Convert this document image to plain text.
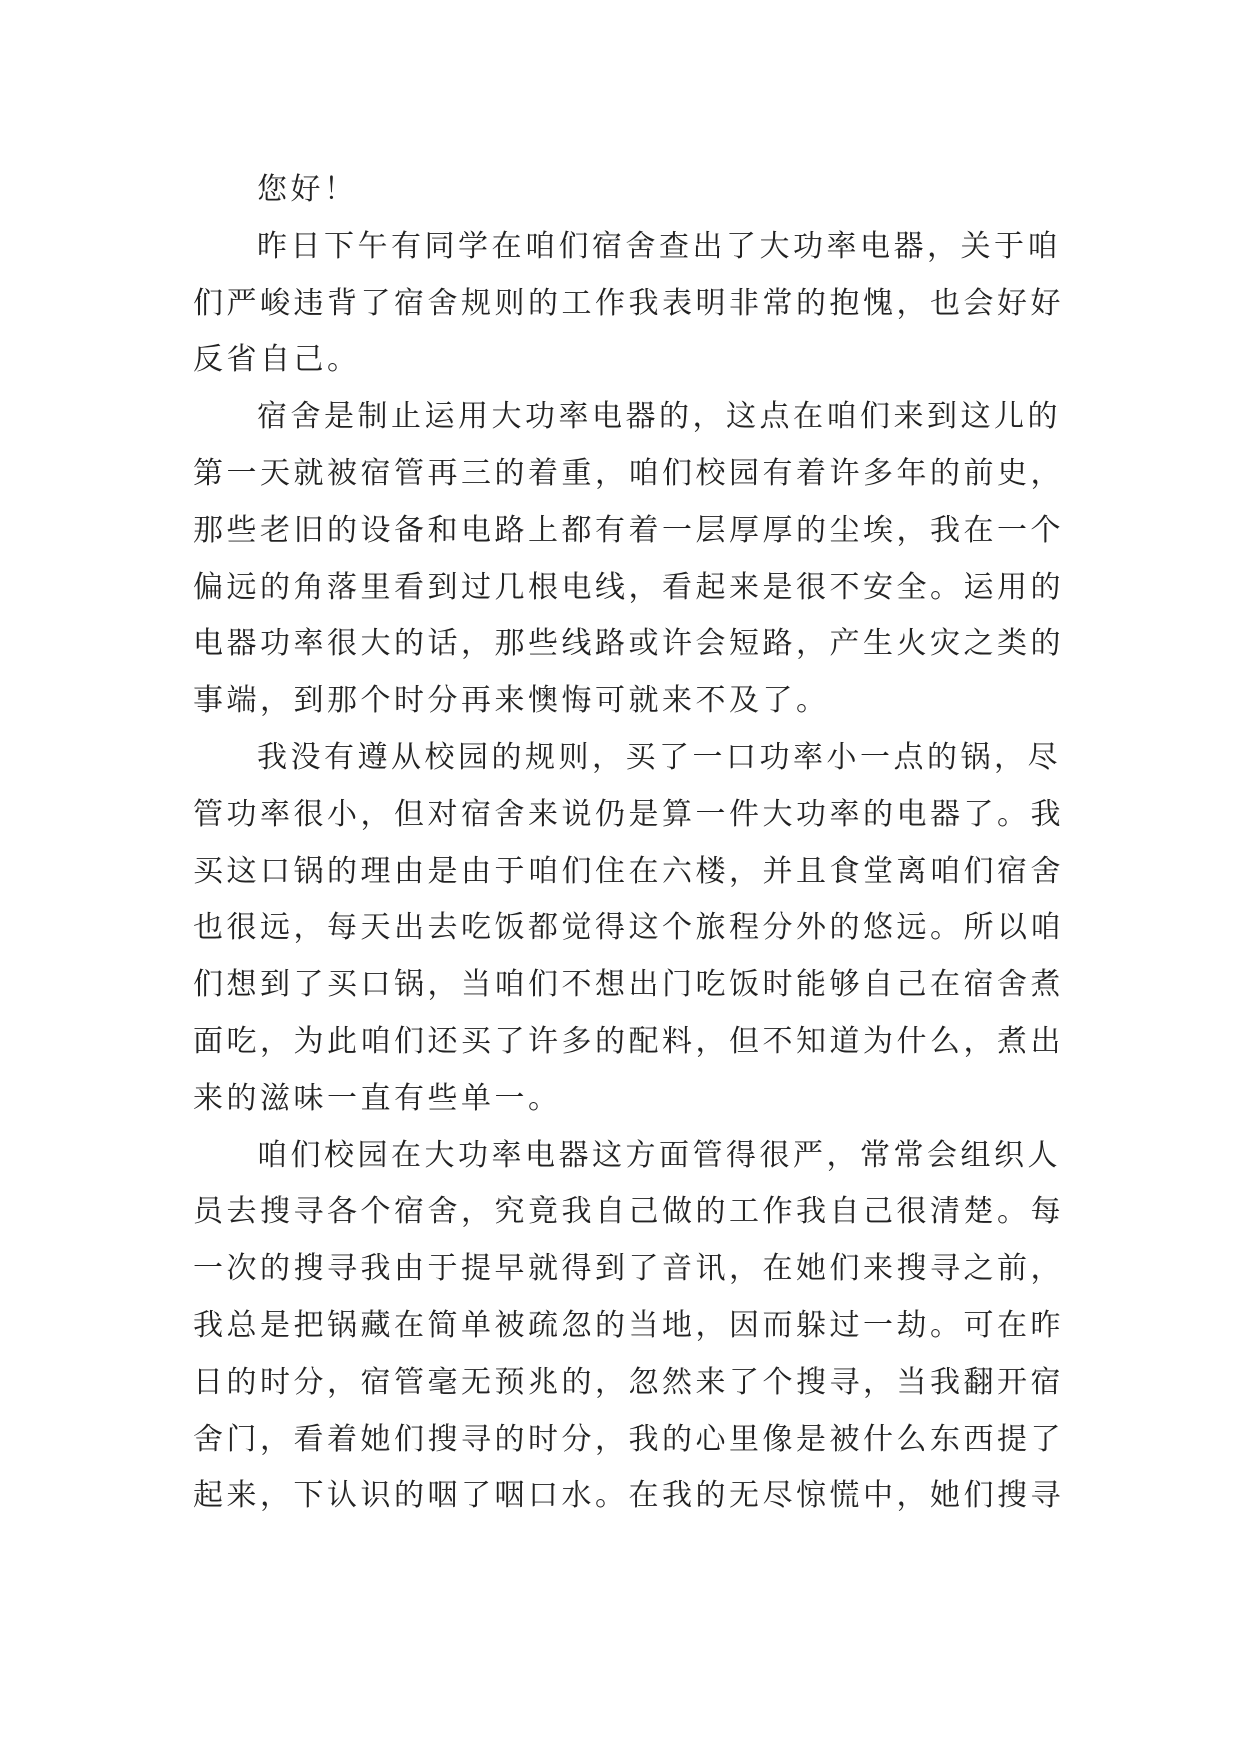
您好！
昨日下午有同学在咱们宿舍查出了大功率电器，关于咱
们严峻违背了宿舍规则的工作我表明非常的抱愧，也会好好
反省自己。
宿舍是制止运用大功率电器的，这点在咱们来到这儿的
第一天就被宿管再三的着重，咱们校园有着许多年的前史，
那些老旧的设备和电路上都有着一层厚厚的尘埃，我在一个
偏远的角落里看到过几根电线，看起来是很不安全。运用的
电器功率很大的话，那些线路或许会短路，产生火灾之类的
事端，到那个时分再来懊悔可就来不及了。
我没有遵从校园的规则，买了一口功率小一点的锅，尽
管功率很小，但对宿舍来说仍是算一件大功率的电器了。我
买这口锅的理由是由于咱们住在六楼，并且食堂离咱们宿舍
也很远，每天出去吃饭都觉得这个旅程分外的悠远。所以咱
们想到了买口锅，当咱们不想出门吃饭时能够自己在宿舍煮
面吃，为此咱们还买了许多的配料，但不知道为什么，煮出
来的滋味一直有些单一。
咱们校园在大功率电器这方面管得很严，常常会组织人
员去搜寻各个宿舍，究竟我自己做的工作我自己很清楚。每
一次的搜寻我由于提早就得到了音讯，在她们来搜寻之前，
我总是把锅藏在简单被疏忽的当地，因而躲过一劫。可在昨
日的时分，宿管毫无预兆的，忽然来了个搜寻，当我翻开宿
舍门，看着她们搜寻的时分，我的心里像是被什么东西提了
起来，下认识的咽了咽口水。在我的无尽惊慌中，她们搜寻
